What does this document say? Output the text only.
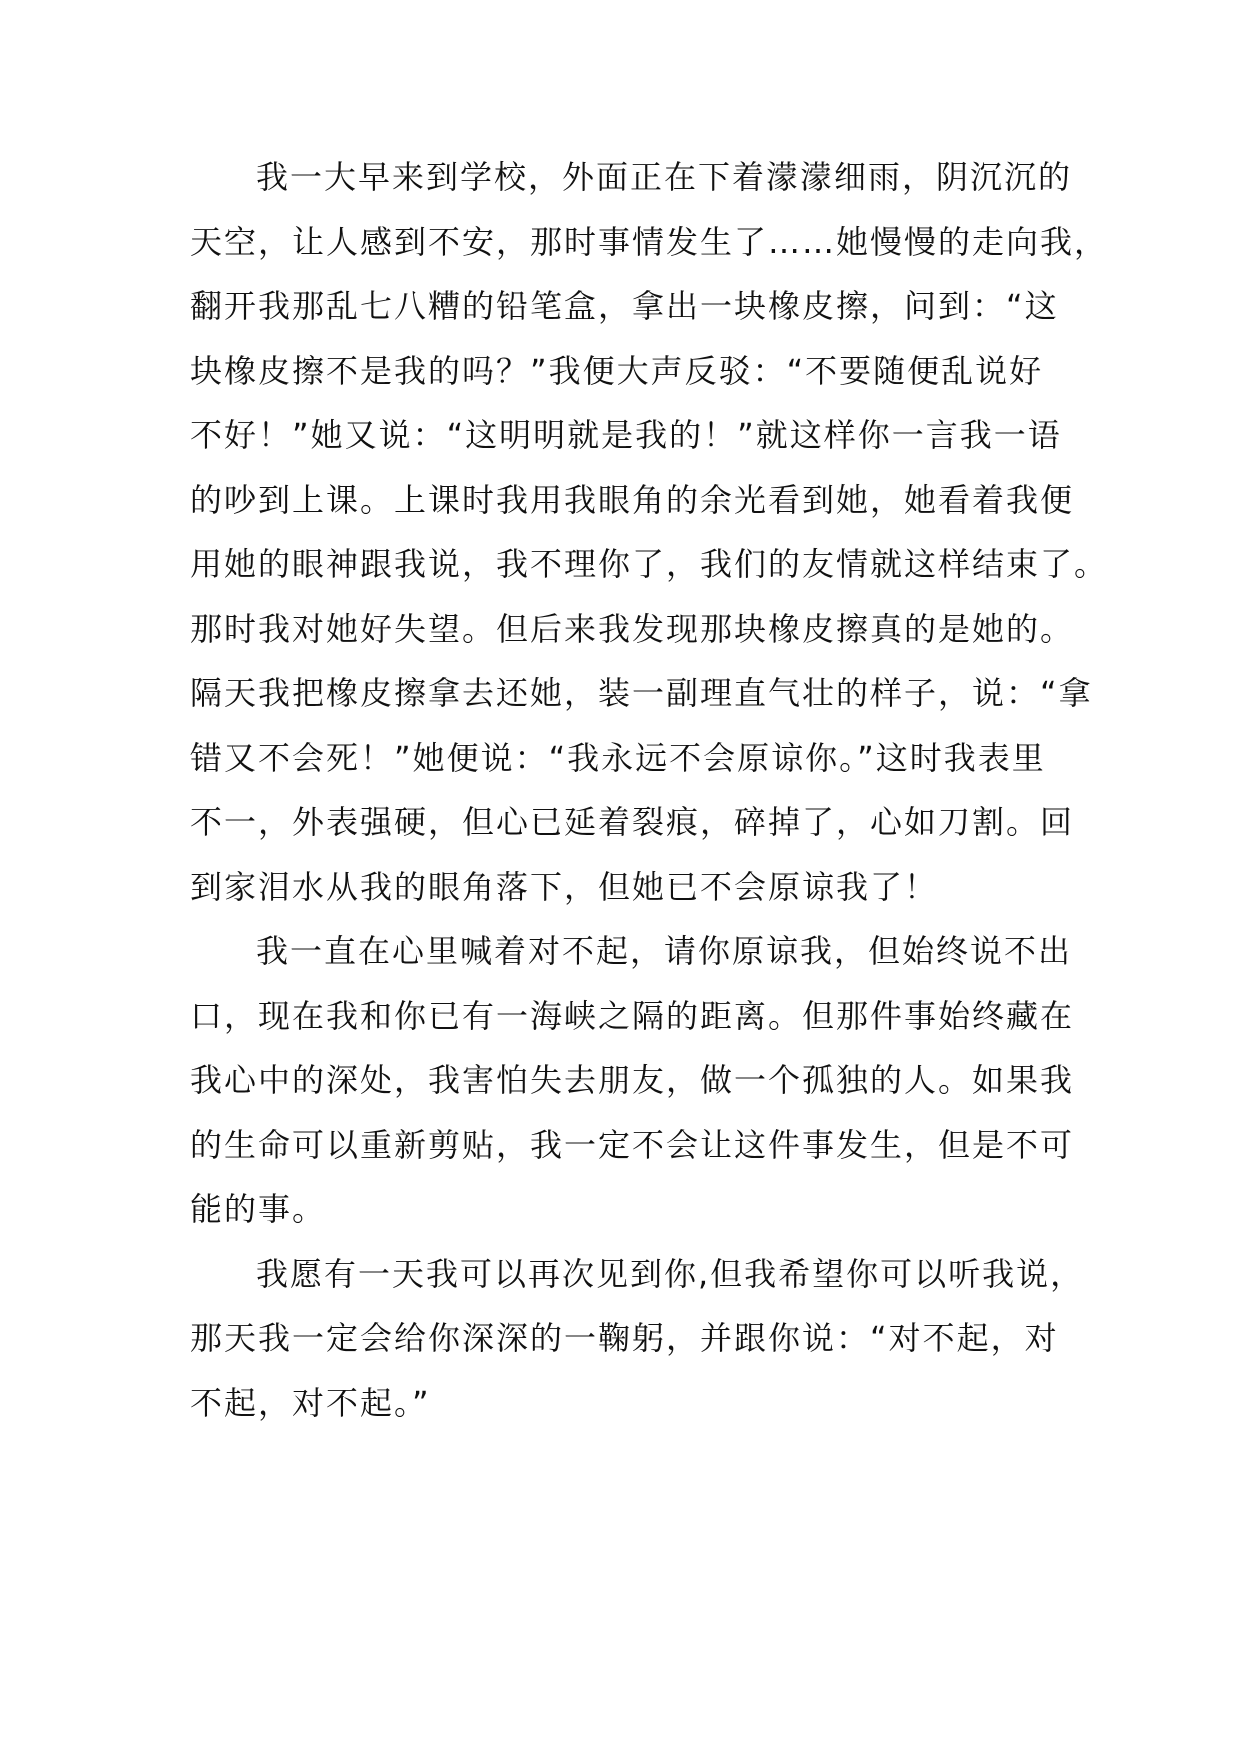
我一大早来到学校，外面正在下着濛濛细雨，阴沉沉的
天空，让人感到不安，那时事情发生了……她慢慢的走向我，
翻开我那乱七八糟的铅笔盒，拿出一块橡皮擦，问到：“这
块橡皮擦不是我的吗？”我便大声反驳：“不要随便乱说好
不好！”她又说：“这明明就是我的！”就这样你一言我一语
的吵到上课。上课时我用我眼角的余光看到她，她看着我便
用她的眼神跟我说，我不理你了，我们的友情就这样结束了。
那时我对她好失望。但后来我发现那块橡皮擦真的是她的。
隔天我把橡皮擦拿去还她，装一副理直气壮的样子，说：“拿
错又不会死！”她便说：“我永远不会原谅你。”这时我表里
不一，外表强硬，但心已延着裂痕，碎掉了，心如刀割。回
到家泪水从我的眼角落下，但她已不会原谅我了！
我一直在心里喊着对不起，请你原谅我，但始终说不出
口，现在我和你已有一海峡之隔的距离。但那件事始终藏在
我心中的深处，我害怕失去朋友，做一个孤独的人。如果我
的生命可以重新剪贴，我一定不会让这件事发生，但是不可
能的事。
我愿有一天我可以再次见到你,但我希望你可以听我说，
那天我一定会给你深深的一鞠躬，并跟你说：“对不起，对
不起，对不起。”
